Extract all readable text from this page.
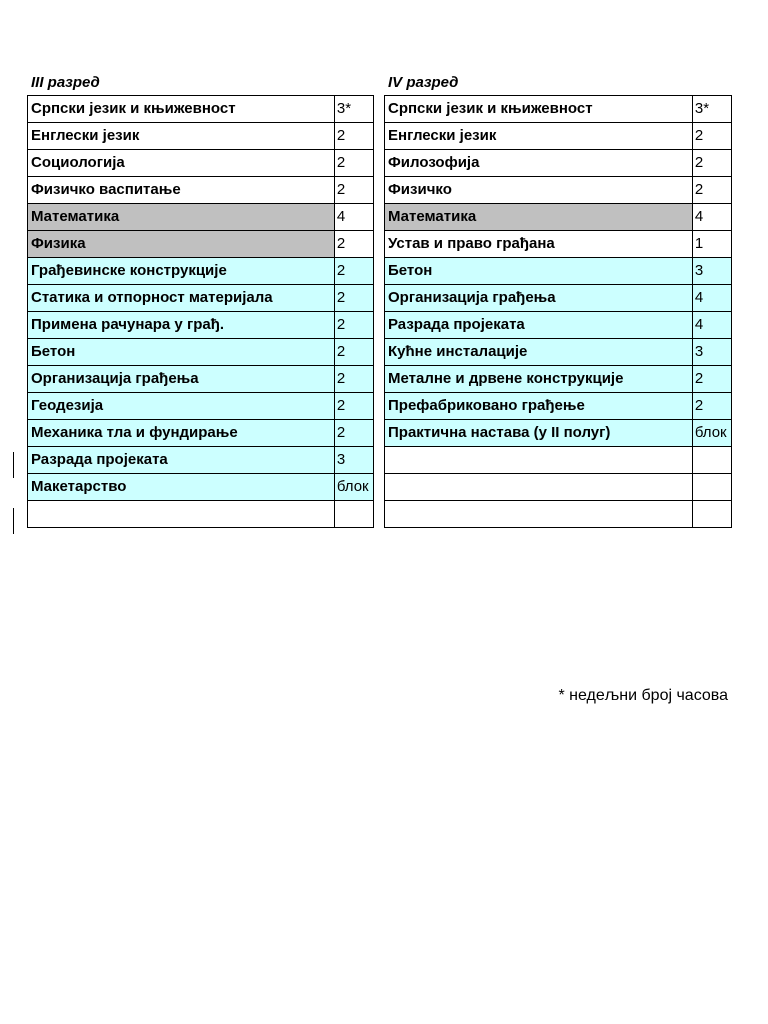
III разред	IV разред
Српски језик и књижевност	3*
Енглески језик	2
Социологија	2
Физичко васпитање	2
Математика	4
Физика	2
Грађевинске конструкције	2
Статика и отпорност материјала	2
Примена рачунара у грађ.	2
Бетон	2
Организација грађења	2
Геодезија	2
Механика тла и фундирање	2
Разрада пројеката	3
Макетарство	блок

Српски језик и књижевност	3*
Енглески језик	2
Филозофија	2
Физичко	2
Математика	4
Устав и право грађана	1
Бетон	3
Организација грађења	4
Разрада пројеката	4
Кућне инсталације	3
Металне и дрвене конструкције	2
Префабриковано грађење	2
Практична настава (у II полуг)	блок

* недељни број часова
